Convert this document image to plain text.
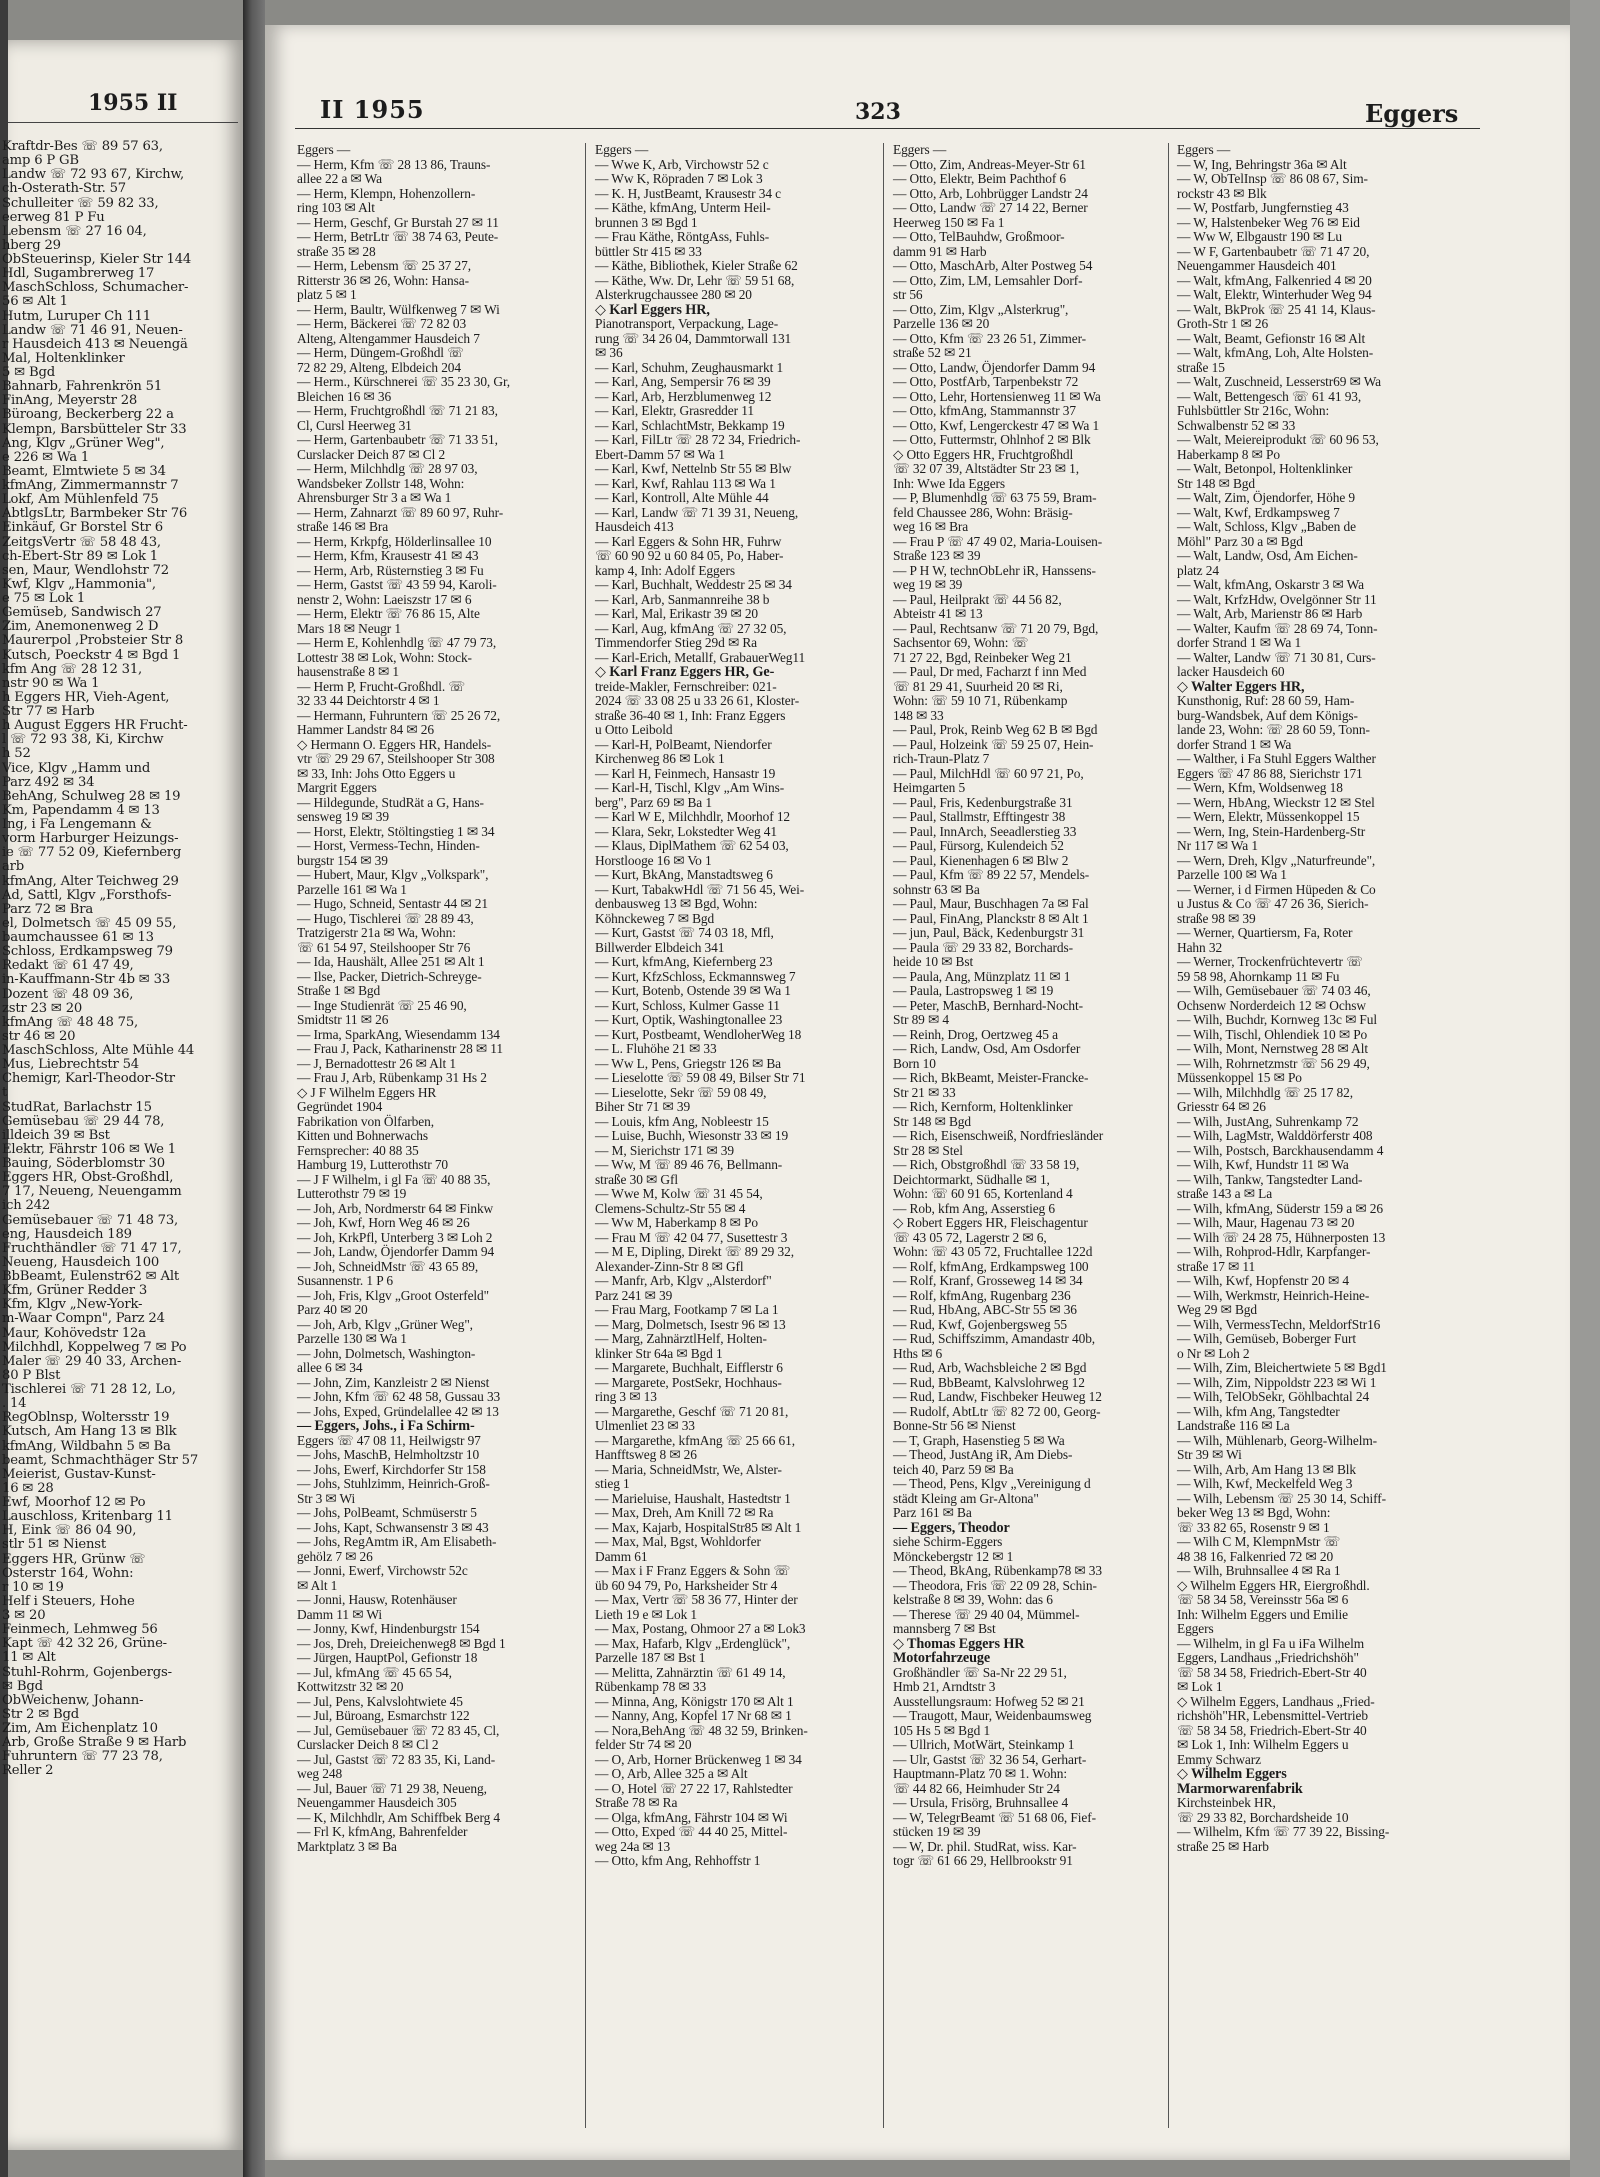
1955 II
Kraftdr-Bes ☏ 89 57 63,
amp 6 P GB
Landw ☏ 72 93 67, Kirchw,
ch-Osterath-Str. 57
Schulleiter ☏ 59 82 33,
eerweg 81 P Fu
Lebensm ☏ 27 16 04,
hberg 29
ObSteuerinsp, Kieler Str 144
Hdl, Sugambrerweg 17
MaschSchloss, Schumacher-
56 ✉ Alt 1
Hutm, Luruper Ch 111
Landw ☏ 71 46 91, Neuen-
r Hausdeich 413 ✉ Neuengä
Mal, Holtenklinker
5 ✉ Bgd
Bahnarb, Fahrenkrön 51
FinAng, Meyerstr 28
Büroang, Beckerberg 22 a
Klempn, Barsbütteler Str 33
Ang, Klgv „Grüner Weg",
e 226 ✉ Wa 1
Beamt, Elmtwiete 5 ✉ 34
kfmAng, Zimmermannstr 7
Lokf, Am Mühlenfeld 75
AbtlgsLtr, Barmbeker Str 76
Einkäuf, Gr Borstel Str 6
ZeitgsVertr ☏ 58 48 43,
ch-Ebert-Str 89 ✉ Lok 1
sen, Maur, Wendlohstr 72
Kwf, Klgv „Hammonia",
e 75 ✉ Lok 1
Gemüseb, Sandwisch 27
Zim, Anemonenweg 2 D
Maurerpol ,Probsteier Str 8
Kutsch, Poeckstr 4 ✉ Bgd 1
kfm Ang ☏ 28 12 31,
nstr 90 ✉ Wa 1
h Eggers HR, Vieh-Agent,
Str 77 ✉ Harb
h August Eggers HR Frucht-
l ☏ 72 93 38, Ki, Kirchw
h 52
Vice, Klgv „Hamm und
Parz 492 ✉ 34
BehAng, Schulweg 28 ✉ 19
Km, Papendamm 4 ✉ 13
Ing, i Fa Lengemann &
vorm Harburger Heizungs-
ie ☏ 77 52 09, Kiefernberg
arb
kfmAng, Alter Teichweg 29
Ad, Sattl, Klgv „Forsthofs-
Parz 72 ✉ Bra
el, Dolmetsch ☏ 45 09 55,
baumchaussee 61 ✉ 13
Schloss, Erdkampsweg 79
Redakt ☏ 61 47 49,
in-Kauffmann-Str 4b ✉ 33
Dozent ☏ 48 09 36,
zstr 23 ✉ 20
kfmAng ☏ 48 48 75,
str 46 ✉ 20
MaschSchloss, Alte Mühle 44
Mus, Liebrechtstr 54
Chemigr, Karl-Theodor-Str
t
StudRat, Barlachstr 15
Gemüsebau ☏ 29 44 78,
illdeich 39 ✉ Bst
Elektr, Fährstr 106 ✉ We 1
Bauing, Söderblomstr 30
Eggers HR, Obst-Großhdl,
7 17, Neueng, Neuengamm
ich 242
Gemüsebauer ☏ 71 48 73,
eng, Hausdeich 189
Fruchthändler ☏ 71 47 17,
Neueng, Hausdeich 100
BbBeamt, Eulenstr62 ✉ Alt
Kfm, Grüner Redder 3
Kfm, Klgv „New-York-
m-Waar Compn", Parz 24
Maur, Kohövedstr 12a
Milchhdl, Koppelweg 7 ✉ Po
Maler ☏ 29 40 33, Archen-
80 P Blst
Tischlerei ☏ 71 28 12, Lo,
. 14
RegOblnsp, Woltersstr 19
Kutsch, Am Hang 13 ✉ Blk
kfmAng, Wildbahn 5 ✉ Ba
beamt, Schmachthäger Str 57
Meierist, Gustav-Kunst-
16 ✉ 28
Ewf, Moorhof 12 ✉ Po
Lauschloss, Kritenbarg 11
H, Eink ☏ 86 04 90,
stlr 51 ✉ Nienst
Eggers HR, Grünw ☏
Osterstr 164, Wohn:
r 10 ✉ 19
Helf i Steuers, Hohe
3 ✉ 20
Feinmech, Lehmweg 56
Kapt ☏ 42 32 26, Grüne-
11 ✉ Alt
Stuhl-Rohrm, Gojenbergs-
✉ Bgd
ObWeichenw, Johann-
Str 2 ✉ Bgd
Zim, Am Eichenplatz 10
Arb, Große Straße 9 ✉ Harb
Fuhruntern ☏ 77 23 78,
Reller 2
II 1955	323	Eggers
Eggers —
— Herm, Kfm ☏ 28 13 86, Trauns-
allee 22 a ✉ Wa
— Herm, Klempn, Hohenzollern-
ring 103 ✉ Alt
— Herm, Geschf, Gr Burstah 27 ✉ 11
— Herm, BetrLtr ☏ 38 74 63, Peute-
straße 35 ✉ 28
— Herm, Lebensm ☏ 25 37 27,
Ritterstr 36 ✉ 26, Wohn: Hansa-
platz 5 ✉ 1
— Herm, Baultr, Wülfkenweg 7 ✉ Wi
— Herm, Bäckerei ☏ 72 82 03
Alteng, Altengammer Hausdeich 7
— Herm, Düngem-Großhdl ☏
72 82 29, Alteng, Elbdeich 204
— Herm., Kürschnerei ☏ 35 23 30, Gr,
Bleichen 16 ✉ 36
— Herm, Fruchtgroßhdl ☏ 71 21 83,
Cl, Cursl Heerweg 31
— Herm, Gartenbaubetr ☏ 71 33 51,
Curslacker Deich 87 ✉ Cl 2
— Herm, Milchhdlg ☏ 28 97 03,
Wandsbeker Zollstr 148, Wohn:
Ahrensburger Str 3 a ✉ Wa 1
— Herm, Zahnarzt ☏ 89 60 97, Ruhr-
straße 146 ✉ Bra
— Herm, Krkpfg, Hölderlinsallee 10
— Herm, Kfm, Krausestr 41 ✉ 43
— Herm, Arb, Rüsternstieg 3 ✉ Fu
— Herm, Gastst ☏ 43 59 94, Karoli-
nenstr 2, Wohn: Laeiszstr 17 ✉ 6
— Herm, Elektr ☏ 76 86 15, Alte
Mars 18 ✉ Neugr 1
— Herm E, Kohlenhdlg ☏ 47 79 73,
Lottestr 38 ✉ Lok, Wohn: Stock-
hausenstraße 8 ✉ 1
— Herm P, Frucht-Großhdl. ☏
32 33 44 Deichtorstr 4 ✉ 1
— Hermann, Fuhruntern ☏ 25 26 72,
Hammer Landstr 84 ✉ 26
◇ Hermann O. Eggers HR, Handels-
vtr ☏ 29 29 67, Steilshooper Str 308
✉ 33, Inh: Johs Otto Eggers u
Margrit Eggers
— Hildegunde, StudRät a G, Hans-
sensweg 19 ✉ 39
— Horst, Elektr, Stöltingstieg 1 ✉ 34
— Horst, Vermess-Techn, Hinden-
burgstr 154 ✉ 39
— Hubert, Maur, Klgv „Volkspark",
Parzelle 161 ✉ Wa 1
— Hugo, Schneid, Sentastr 44 ✉ 21
— Hugo, Tischlerei ☏ 28 89 43,
Tratzigerstr 21a ✉ Wa, Wohn:
☏ 61 54 97, Steilshooper Str 76
— Ida, Haushält, Allee 251 ✉ Alt 1
— Ilse, Packer, Dietrich-Schreyge-
Straße 1 ✉ Bgd
— Inge Studienrät ☏ 25 46 90,
Smidtstr 11 ✉ 26
— Irma, SparkAng, Wiesendamm 134
— Frau J, Pack, Katharinenstr 28 ✉ 11
— J, Bernadottestr 26 ✉ Alt 1
— Frau J, Arb, Rübenkamp 31 Hs 2
◇ J F Wilhelm Eggers HR
Gegründet 1904
Fabrikation von Ölfarben,
Kitten und Bohnerwachs
Fernsprecher: 40 88 35
Hamburg 19, Lutterothstr 70
— J F Wilhelm, i gl Fa ☏ 40 88 35,
Lutterothstr 79 ✉ 19
— Joh, Arb, Nordmerstr 64 ✉ Finkw
— Joh, Kwf, Horn Weg 46 ✉ 26
— Joh, KrkPfl, Unterberg 3 ✉ Loh 2
— Joh, Landw, Öjendorfer Damm 94
— Joh, SchneidMstr ☏ 43 65 89,
Susannenstr. 1 P 6
— Joh, Fris, Klgv „Groot Osterfeld"
Parz 40 ✉ 20
— Joh, Arb, Klgv „Grüner Weg",
Parzelle 130 ✉ Wa 1
— John, Dolmetsch, Washington-
allee 6 ✉ 34
— John, Zim, Kanzleistr 2 ✉ Nienst
— John, Kfm ☏ 62 48 58, Gussau 33
— Johs, Exped, Gründelallee 42 ✉ 13
— Eggers, Johs., i Fa Schirm-
Eggers ☏ 47 08 11, Heilwigstr 97
— Johs, MaschB, Helmholtzstr 10
— Johs, Ewerf, Kirchdorfer Str 158
— Johs, Stuhlzimm, Heinrich-Groß-
Str 3 ✉ Wi
— Johs, PolBeamt, Schmüserstr 5
— Johs, Kapt, Schwansenstr 3 ✉ 43
— Johs, RegAmtm iR, Am Elisabeth-
gehölz 7 ✉ 26
— Jonni, Ewerf, Virchowstr 52c
✉ Alt 1
— Jonni, Hausw, Rotenhäuser
Damm 11 ✉ Wi
— Jonny, Kwf, Hindenburgstr 154
— Jos, Dreh, Dreieichenweg8 ✉ Bgd 1
— Jürgen, HauptPol, Gefionstr 18
— Jul, kfmAng ☏ 45 65 54,
Kottwitzstr 32 ✉ 20
— Jul, Pens, Kalvslohtwiete 45
— Jul, Büroang, Esmarchstr 122
— Jul, Gemüsebauer ☏ 72 83 45, Cl,
Curslacker Deich 8 ✉ Cl 2
— Jul, Gastst ☏ 72 83 35, Ki, Land-
weg 248
— Jul, Bauer ☏ 71 29 38, Neueng,
Neuengammer Hausdeich 305
— K, Milchhdlr, Am Schiffbek Berg 4
— Frl K, kfmAng, Bahrenfelder
Marktplatz 3 ✉ Ba
Eggers —
— Wwe K, Arb, Virchowstr 52 c
— Ww K, Röpraden 7 ✉ Lok 3
— K. H, JustBeamt, Krausestr 34 c
— Käthe, kfmAng, Unterm Heil-
brunnen 3 ✉ Bgd 1
— Frau Käthe, RöntgAss, Fuhls-
büttler Str 415 ✉ 33
— Käthe, Bibliothek, Kieler Straße 62
— Käthe, Ww. Dr, Lehr ☏ 59 51 68,
Alsterkrugchaussee 280 ✉ 20
◇ Karl Eggers HR,
Pianotransport, Verpackung, Lage-
rung ☏ 34 26 04, Dammtorwall 131
✉ 36
— Karl, Schuhm, Zeughausmarkt 1
— Karl, Ang, Sempersir 76 ✉ 39
— Karl, Arb, Herzblumenweg 12
— Karl, Elektr, Grasredder 11
— Karl, SchlachtMstr, Bekkamp 19
— Karl, FilLtr ☏ 28 72 34, Friedrich-
Ebert-Damm 57 ✉ Wa 1
— Karl, Kwf, Nettelnb Str 55 ✉ Blw
— Karl, Kwf, Rahlau 113 ✉ Wa 1
— Karl, Kontroll, Alte Mühle 44
— Karl, Landw ☏ 71 39 31, Neueng,
Hausdeich 413
— Karl Eggers & Sohn HR, Fuhrw
☏ 60 90 92 u 60 84 05, Po, Haber-
kamp 4, Inh: Adolf Eggers
— Karl, Buchhalt, Weddestr 25 ✉ 34
— Karl, Arb, Sanmannreihe 38 b
— Karl, Mal, Erikastr 39 ✉ 20
— Karl, Aug, kfmAng ☏ 27 32 05,
Timmendorfer Stieg 29d ✉ Ra
— Karl-Erich, Metallf, GrabauerWeg11
◇ Karl Franz Eggers HR, Ge-
treide-Makler, Fernschreiber: 021-
2024 ☏ 33 08 25 u 33 26 61, Kloster-
straße 36-40 ✉ 1, Inh: Franz Eggers
u Otto Leibold
— Karl-H, PolBeamt, Niendorfer
Kirchenweg 86 ✉ Lok 1
— Karl H, Feinmech, Hansastr 19
— Karl-H, Tischl, Klgv „Am Wins-
berg", Parz 69 ✉ Ba 1
— Karl W E, Milchhdlr, Moorhof 12
— Klara, Sekr, Lokstedter Weg 41
— Klaus, DiplMathem ☏ 62 54 03,
Horstlooge 16 ✉ Vo 1
— Kurt, BkAng, Manstadtsweg 6
— Kurt, TabakwHdl ☏ 71 56 45, Wei-
denbausweg 13 ✉ Bgd, Wohn:
Köhnckeweg 7 ✉ Bgd
— Kurt, Gastst ☏ 74 03 18, Mfl,
Billwerder Elbdeich 341
— Kurt, kfmAng, Kiefernberg 23
— Kurt, KfzSchloss, Eckmannsweg 7
— Kurt, Botenb, Ostende 39 ✉ Wa 1
— Kurt, Schloss, Kulmer Gasse 11
— Kurt, Optik, Washingtonallee 23
— Kurt, Postbeamt, WendloherWeg 18
— L. Fluhöhe 21 ✉ 33
— Ww L, Pens, Griegstr 126 ✉ Ba
— Lieselotte ☏ 59 08 49, Bilser Str 71
— Lieselotte, Sekr ☏ 59 08 49,
Biher Str 71 ✉ 39
— Louis, kfm Ang, Nobleestr 15
— Luise, Buchh, Wiesonstr 33 ✉ 19
— M, Sierichstr 171 ✉ 39
— Ww, M ☏ 89 46 76, Bellmann-
straße 30 ✉ Gfl
— Wwe M, Kolw ☏ 31 45 54,
Clemens-Schultz-Str 55 ✉ 4
— Ww M, Haberkamp 8 ✉ Po
— Frau M ☏ 42 04 77, Susettestr 3
— M E, Dipling, Direkt ☏ 89 29 32,
Alexander-Zinn-Str 8 ✉ Gfl
— Manfr, Arb, Klgv „Alsterdorf"
Parz 241 ✉ 39
— Frau Marg, Footkamp 7 ✉ La 1
— Marg, Dolmetsch, Isestr 96 ✉ 13
— Marg, ZahnärztlHelf, Holten-
klinker Str 64a ✉ Bgd 1
— Margarete, Buchhalt, Eifflerstr 6
— Margarete, PostSekr, Hochhaus-
ring 3 ✉ 13
— Margarethe, Geschf ☏ 71 20 81,
Ulmenliet 23 ✉ 33
— Margarethe, kfmAng ☏ 25 66 61,
Hanfftsweg 8 ✉ 26
— Maria, SchneidMstr, We, Alster-
stieg 1
— Marieluise, Haushalt, Hastedtstr 1
— Max, Dreh, Am Knill 72 ✉ Ra
— Max, Kajarb, HospitalStr85 ✉ Alt 1
— Max, Mal, Bgst, Wohldorfer
Damm 61
— Max i F Franz Eggers & Sohn ☏
üb 60 94 79, Po, Harksheider Str 4
— Max, Vertr ☏ 58 36 77, Hinter der
Lieth 19 e ✉ Lok 1
— Max, Postang, Ohmoor 27 a ✉ Lok3
— Max, Hafarb, Klgv „Erdenglück",
Parzelle 187 ✉ Bst 1
— Melitta, Zahnärztin ☏ 61 49 14,
Rübenkamp 78 ✉ 33
— Minna, Ang, Königstr 170 ✉ Alt 1
— Nanny, Ang, Kopfel 17 Nr 68 ✉ 1
— Nora,BehAng ☏ 48 32 59, Brinken-
felder Str 74 ✉ 20
— O, Arb, Horner Brückenweg 1 ✉ 34
— O, Arb, Allee 325 a ✉ Alt
— O, Hotel ☏ 27 22 17, Rahlstedter
Straße 78 ✉ Ra
— Olga, kfmAng, Fährstr 104 ✉ Wi
— Otto, Exped ☏ 44 40 25, Mittel-
weg 24a ✉ 13
— Otto, kfm Ang, Rehhoffstr 1
Eggers —
— Otto, Zim, Andreas-Meyer-Str 61
— Otto, Elektr, Beim Pachthof 6
— Otto, Arb, Lohbrügger Landstr 24
— Otto, Landw ☏ 27 14 22, Berner
Heerweg 150 ✉ Fa 1
— Otto, TelBauhdw, Großmoor-
damm 91 ✉ Harb
— Otto, MaschArb, Alter Postweg 54
— Otto, Zim, LM, Lemsahler Dorf-
str 56
— Otto, Zim, Klgv „Alsterkrug",
Parzelle 136 ✉ 20
— Otto, Kfm ☏ 23 26 51, Zimmer-
straße 52 ✉ 21
— Otto, Landw, Öjendorfer Damm 94
— Otto, PostfArb, Tarpenbekstr 72
— Otto, Lehr, Hortensienweg 11 ✉ Wa
— Otto, kfmAng, Stammannstr 37
— Otto, Kwf, Lengerckestr 47 ✉ Wa 1
— Otto, Futtermstr, Ohlnhof 2 ✉ Blk
◇ Otto Eggers HR, Fruchtgroßhdl
☏ 32 07 39, Altstädter Str 23 ✉ 1,
Inh: Wwe Ida Eggers
— P, Blumenhdlg ☏ 63 75 59, Bram-
feld Chaussee 286, Wohn: Bräsig-
weg 16 ✉ Bra
— Frau P ☏ 47 49 02, Maria-Louisen-
Straße 123 ✉ 39
— P H W, technObLehr iR, Hanssens-
weg 19 ✉ 39
— Paul, Heilprakt ☏ 44 56 82,
Abteistr 41 ✉ 13
— Paul, Rechtsanw ☏ 71 20 79, Bgd,
Sachsentor 69, Wohn: ☏
71 27 22, Bgd, Reinbeker Weg 21
— Paul, Dr med, Facharzt f inn Med
☏ 81 29 41, Suurheid 20 ✉ Ri,
Wohn: ☏ 59 10 71, Rübenkamp
148 ✉ 33
— Paul, Prok, Reinb Weg 62 B ✉ Bgd
— Paul, Holzeink ☏ 59 25 07, Hein-
rich-Traun-Platz 7
— Paul, MilchHdl ☏ 60 97 21, Po,
Heimgarten 5
— Paul, Fris, Kedenburgstraße 31
— Paul, Stallmstr, Efftingestr 38
— Paul, InnArch, Seeadlerstieg 33
— Paul, Fürsorg, Kulendeich 52
— Paul, Kienenhagen 6 ✉ Blw 2
— Paul, Kfm ☏ 89 22 57, Mendels-
sohnstr 63 ✉ Ba
— Paul, Maur, Buschhagen 7a ✉ Fal
— Paul, FinAng, Planckstr 8 ✉ Alt 1
— jun, Paul, Bäck, Kedenburgstr 31
— Paula ☏ 29 33 82, Borchards-
heide 10 ✉ Bst
— Paula, Ang, Münzplatz 11 ✉ 1
— Paula, Lastropsweg 1 ✉ 19
— Peter, MaschB, Bernhard-Nocht-
Str 89 ✉ 4
— Reinh, Drog, Oertzweg 45 a
— Rich, Landw, Osd, Am Osdorfer
Born 10
— Rich, BkBeamt, Meister-Francke-
Str 21 ✉ 33
— Rich, Kernform, Holtenklinker
Str 148 ✉ Bgd
— Rich, Eisenschweiß, Nordfriesländer
Str 28 ✉ Stel
— Rich, Obstgroßhdl ☏ 33 58 19,
Deichtormarkt, Südhalle ✉ 1,
Wohn: ☏ 60 91 65, Kortenland 4
— Rob, kfm Ang, Asserstieg 6
◇ Robert Eggers HR, Fleischagentur
☏ 43 05 72, Lagerstr 2 ✉ 6,
Wohn: ☏ 43 05 72, Fruchtallee 122d
— Rolf, kfmAng, Erdkampsweg 100
— Rolf, Kranf, Grosseweg 14 ✉ 34
— Rolf, kfmAng, Rugenbarg 236
— Rud, HbAng, ABC-Str 55 ✉ 36
— Rud, Kwf, Gojenbergsweg 55
— Rud, Schiffszimm, Amandastr 40b,
Hths ✉ 6
— Rud, Arb, Wachsbleiche 2 ✉ Bgd
— Rud, BbBeamt, Kalvslohrweg 12
— Rud, Landw, Fischbeker Heuweg 12
— Rudolf, AbtLtr ☏ 82 72 00, Georg-
Bonne-Str 56 ✉ Nienst
— T, Graph, Hasenstieg 5 ✉ Wa
— Theod, JustAng iR, Am Diebs-
teich 40, Parz 59 ✉ Ba
— Theod, Pens, Klgv „Vereinigung d
städt Kleing am Gr-Altona"
Parz 161 ✉ Ba
— Eggers, Theodor
siehe Schirm-Eggers
Mönckebergstr 12 ✉ 1
— Theod, BkAng, Rübenkamp78 ✉ 33
— Theodora, Fris ☏ 22 09 28, Schin-
kelstraße 8 ✉ 39, Wohn: das 6
— Therese ☏ 29 40 04, Mümmel-
mannsberg 7 ✉ Bst
◇ Thomas Eggers HR
Motorfahrzeuge
Großhändler ☏ Sa-Nr 22 29 51,
Hmb 21, Arndtstr 3
Ausstellungsraum: Hofweg 52 ✉ 21
— Traugott, Maur, Weidenbaumsweg
105 Hs 5 ✉ Bgd 1
— Ullrich, MotWärt, Steinkamp 1
— Ulr, Gastst ☏ 32 36 54, Gerhart-
Hauptmann-Platz 70 ✉ 1. Wohn:
☏ 44 82 66, Heimhuder Str 24
— Ursula, Frisörg, Bruhnsallee 4
— W, TelegrBeamt ☏ 51 68 06, Fief-
stücken 19 ✉ 39
— W, Dr. phil. StudRat, wiss. Kar-
togr ☏ 61 66 29, Hellbrookstr 91
Eggers —
— W, Ing, Behringstr 36a ✉ Alt
— W, ObTelInsp ☏ 86 08 67, Sim-
rockstr 43 ✉ Blk
— W, Postfarb, Jungfernstieg 43
— W, Halstenbeker Weg 76 ✉ Eid
— Ww W, Elbgaustr 190 ✉ Lu
— W F, Gartenbaubetr ☏ 71 47 20,
Neuengammer Hausdeich 401
— Walt, kfmAng, Falkenried 4 ✉ 20
— Walt, Elektr, Winterhuder Weg 94
— Walt, BkProk ☏ 25 41 14, Klaus-
Groth-Str 1 ✉ 26
— Walt, Beamt, Gefionstr 16 ✉ Alt
— Walt, kfmAng, Loh, Alte Holsten-
straße 15
— Walt, Zuschneid, Lesserstr69 ✉ Wa
— Walt, Bettengesch ☏ 61 41 93,
Fuhlsbüttler Str 216c, Wohn:
Schwalbenstr 52 ✉ 33
— Walt, Meiereiprodukt ☏ 60 96 53,
Haberkamp 8 ✉ Po
— Walt, Betonpol, Holtenklinker
Str 148 ✉ Bgd
— Walt, Zim, Öjendorfer, Höhe 9
— Walt, Kwf, Erdkampsweg 7
— Walt, Schloss, Klgv „Baben de
Möhl" Parz 30 a ✉ Bgd
— Walt, Landw, Osd, Am Eichen-
platz 24
— Walt, kfmAng, Oskarstr 3 ✉ Wa
— Walt, KrfzHdw, Ovelgönner Str 11
— Walt, Arb, Marienstr 86 ✉ Harb
— Walter, Kaufm ☏ 28 69 74, Tonn-
dorfer Strand 1 ✉ Wa 1
— Walter, Landw ☏ 71 30 81, Curs-
lacker Hausdeich 60
◇ Walter Eggers HR,
Kunsthonig, Ruf: 28 60 59, Ham-
burg-Wandsbek, Auf dem Königs-
lande 23, Wohn: ☏ 28 60 59, Tonn-
dorfer Strand 1 ✉ Wa
— Walther, i Fa Stuhl Eggers Walther
Eggers ☏ 47 86 88, Sierichstr 171
— Wern, Kfm, Woldsenweg 18
— Wern, HbAng, Wieckstr 12 ✉ Stel
— Wern, Elektr, Müssenkoppel 15
— Wern, Ing, Stein-Hardenberg-Str
Nr 117 ✉ Wa 1
— Wern, Dreh, Klgv „Naturfreunde",
Parzelle 100 ✉ Wa 1
— Werner, i d Firmen Hüpeden & Co
u Justus & Co ☏ 47 26 36, Sierich-
straße 98 ✉ 39
— Werner, Quartiersm, Fa, Roter
Hahn 32
— Werner, Trockenfrüchtevertr ☏
59 58 98, Ahornkamp 11 ✉ Fu
— Wilh, Gemüsebauer ☏ 74 03 46,
Ochsenw Norderdeich 12 ✉ Ochsw
— Wilh, Buchdr, Kornweg 13c ✉ Ful
— Wilh, Tischl, Ohlendiek 10 ✉ Po
— Wilh, Mont, Nernstweg 28 ✉ Alt
— Wilh, Rohrnetzmstr ☏ 56 29 49,
Müssenkoppel 15 ✉ Po
— Wilh, Milchhdlg ☏ 25 17 82,
Griesstr 64 ✉ 26
— Wilh, JustAng, Suhrenkamp 72
— Wilh, LagMstr, Walddörferstr 408
— Wilh, Postsch, Barckhausendamm 4
— Wilh, Kwf, Hundstr 11 ✉ Wa
— Wilh, Tankw, Tangstedter Land-
straße 143 a ✉ La
— Wilh, kfmAng, Süderstr 159 a ✉ 26
— Wilh, Maur, Hagenau 73 ✉ 20
— Wilh ☏ 24 28 75, Hühnerposten 13
— Wilh, Rohprod-Hdlr, Karpfanger-
straße 17 ✉ 11
— Wilh, Kwf, Hopfenstr 20 ✉ 4
— Wilh, Werkmstr, Heinrich-Heine-
Weg 29 ✉ Bgd
— Wilh, VermessTechn, MeldorfStr16
— Wilh, Gemüseb, Boberger Furt
o Nr ✉ Loh 2
— Wilh, Zim, Bleichertwiete 5 ✉ Bgd1
— Wilh, Zim, Nippoldstr 223 ✉ Wi 1
— Wilh, TelObSekr, Göhlbachtal 24
— Wilh, kfm Ang, Tangstedter
Landstraße 116 ✉ La
— Wilh, Mühlenarb, Georg-Wilhelm-
Str 39 ✉ Wi
— Wilh, Arb, Am Hang 13 ✉ Blk
— Wilh, Kwf, Meckelfeld Weg 3
— Wilh, Lebensm ☏ 25 30 14, Schiff-
beker Weg 13 ✉ Bgd, Wohn:
☏ 33 82 65, Rosenstr 9 ✉ 1
— Wilh C M, KlempnMstr ☏
48 38 16, Falkenried 72 ✉ 20
— Wilh, Bruhnsallee 4 ✉ Ra 1
◇ Wilhelm Eggers HR, Eiergroßhdl.
☏ 58 34 58, Vereinsstr 56a ✉ 6
Inh: Wilhelm Eggers und Emilie
Eggers
— Wilhelm, in gl Fa u iFa Wilhelm
Eggers, Landhaus „Friedrichshöh"
☏ 58 34 58, Friedrich-Ebert-Str 40
✉ Lok 1
◇ Wilhelm Eggers, Landhaus „Fried-
richshöh"HR, Lebensmittel-Vertrieb
☏ 58 34 58, Friedrich-Ebert-Str 40
✉ Lok 1, Inh: Wilhelm Eggers u
Emmy Schwarz
◇ Wilhelm Eggers
Marmorwarenfabrik
Kirchsteinbek HR,
☏ 29 33 82, Borchardsheide 10
— Wilhelm, Kfm ☏ 77 39 22, Bissing-
straße 25 ✉ Harb
